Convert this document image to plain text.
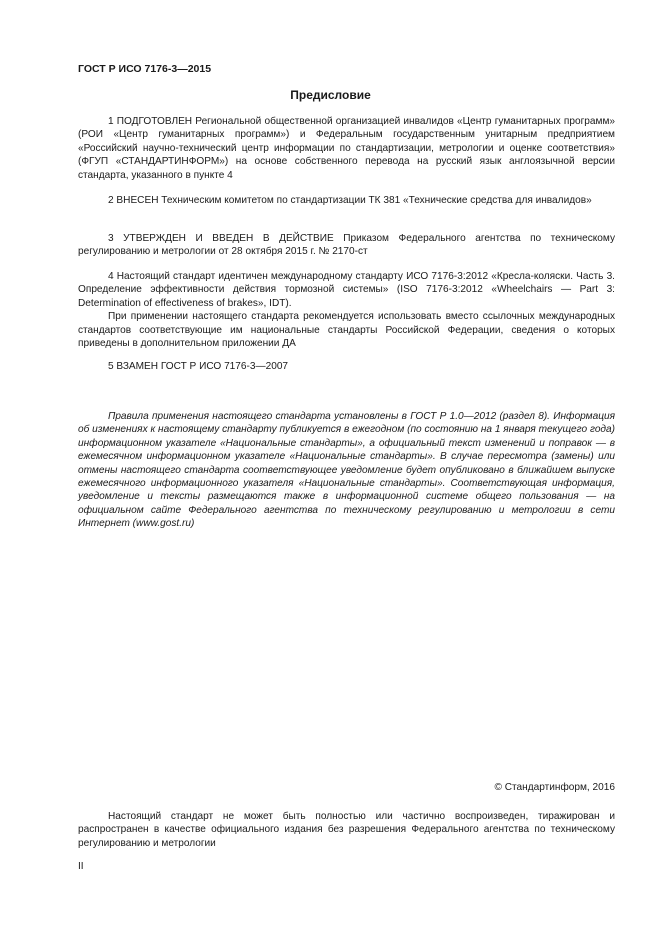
ГОСТ Р ИСО 7176-3—2015
Предисловие

1 ПОДГОТОВЛЕН Региональной общественной организацией инвалидов «Центр гуманитарных программ» (РОИ «Центр гуманитарных программ») и Федеральным государственным унитарным предприятием «Российский научно-технический центр информации по стандартизации, метрологии и оценке соответствия» (ФГУП «СТАНДАРТИНФОРМ») на основе собственного перевода на русский язык англоязычной версии стандарта, указанного в пункте 4

2 ВНЕСЕН Техническим комитетом по стандартизации ТК 381 «Технические средства для инвалидов»

3 УТВЕРЖДЕН И ВВЕДЕН В ДЕЙСТВИЕ Приказом Федерального агентства по техническому регулированию и метрологии от 28 октября 2015 г. № 2170-ст

4 Настоящий стандарт идентичен международному стандарту ИСО 7176-3:2012 «Кресла-коляски. Часть 3. Определение эффективности действия тормозной системы» (ISO 7176-3:2012 «Wheelchairs — Part 3: Determination of effectiveness of brakes», IDT).

При применении настоящего стандарта рекомендуется использовать вместо ссылочных международных стандартов соответствующие им национальные стандарты Российской Федерации, сведения о которых приведены в дополнительном приложении ДА

5 ВЗАМЕН ГОСТ Р ИСО 7176-3—2007

Правила применения настоящего стандарта установлены в ГОСТ Р 1.0—2012 (раздел 8). Информация об изменениях к настоящему стандарту публикуется в ежегодном (по состоянию на 1 января текущего года) информационном указателе «Национальные стандарты», а официальный текст изменений и поправок — в ежемесячном информационном указателе «Национальные стандарты». В случае пересмотра (замены) или отмены настоящего стандарта соответствующее уведомление будет опубликовано в ближайшем выпуске ежемесячного информационного указателя «Национальные стандарты». Соответствующая информация, уведомление и тексты размещаются также в информационной системе общего пользования — на официальном сайте Федерального агентства по техническому регулированию и метрологии в сети Интернет (www.gost.ru)

© Стандартинформ, 2016

Настоящий стандарт не может быть полностью или частично воспроизведен, тиражирован и распространен в качестве официального издания без разрешения Федерального агентства по техническому регулированию и метрологии

II
